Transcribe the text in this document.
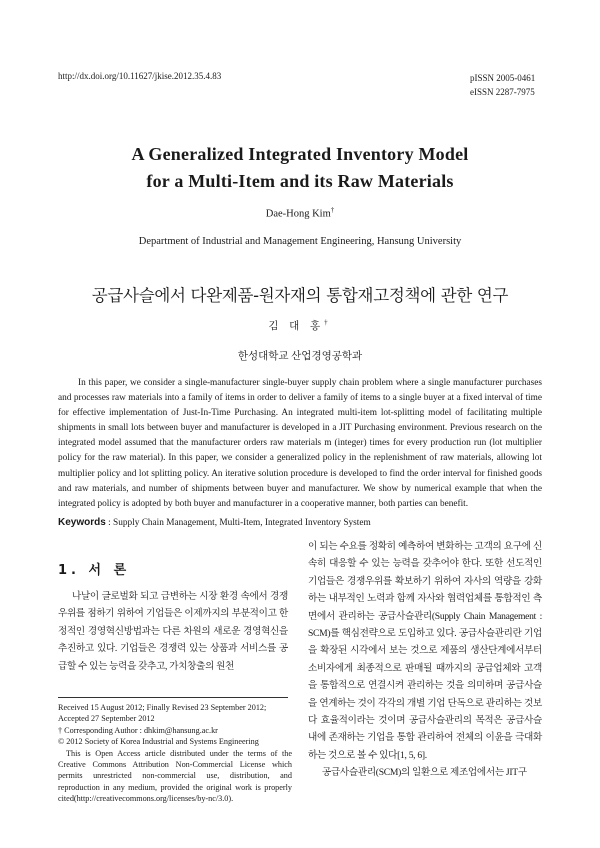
http://dx.doi.org/10.11627/jkise.2012.35.4.83	pISSN 2005-0461
eISSN 2287-7975
A Generalized Integrated Inventory Model
for a Multi-Item and its Raw Materials
Dae-Hong Kim†
Department of Industrial and Management Engineering, Hansung University
공급사슬에서 다완제품-원자재의 통합재고정책에 관한 연구
김 대 홍†
한성대학교 산업경영공학과
In this paper, we consider a single-manufacturer single-buyer supply chain problem where a single manufacturer purchases and processes raw materials into a family of items in order to deliver a family of items to a single buyer at a fixed interval of time for effective implementation of Just-In-Time Purchasing. An integrated multi-item lot-splitting model of facilitating multiple shipments in small lots between buyer and manufacturer is developed in a JIT Purchasing environment. Previous research on the integrated model assumed that the manufacturer orders raw materials m (integer) times for every production run (lot multiplier policy for the raw material). In this paper, we consider a generalized policy in the replenishment of raw materials, allowing lot multiplier policy and lot splitting policy. An iterative solution procedure is developed to find the order interval for finished goods and raw materials, and number of shipments between buyer and manufacturer. We show by numerical example that when the integrated policy is adopted by both buyer and manufacturer in a cooperative manner, both parties can benefit.
Keywords : Supply Chain Management, Multi-Item, Integrated Inventory System
1. 서 론

나날이 글로벌화 되고 급변하는 시장 환경 속에서 경쟁우위를 점하기 위하여 기업들은 이제까지의 부분적이고 한정적인 경영혁신방법과는 다른 차원의 새로운 경영혁신을 추진하고 있다. 기업들은 경쟁력 있는 상품과 서비스를 공급할 수 있는 능력을 갖추고, 가치창출의 원천

Received 15 August 2012; Finally Revised 23 September 2012;
Accepted 27 September 2012
† Corresponding Author : dhkim@hansung.ac.kr
© 2012 Society of Korea Industrial and Systems Engineering
This is Open Access article distributed under the terms of the Creative Commons Attribution Non-Commercial License which permits unrestricted non-commercial use, distribution, and reproduction in any medium, provided the original work is properly cited(http://creativecommons.org/licenses/by-nc/3.0).

이 되는 수요를 정확히 예측하여 변화하는 고객의 요구에 신속히 대응할 수 있는 능력을 갖추어야 한다. 또한 선도적인 기업들은 경쟁우위를 확보하기 위하여 자사의 역량을 강화하는 내부적인 노력과 함께 자사와 협력업체를 통합적인 측면에서 관리하는 공급사슬관리(Supply Chain Management : SCM)를 핵심전략으로 도입하고 있다. 공급사슬관리란 기업을 확장된 시각에서 보는 것으로 제품의 생산단계에서부터 소비자에게 최종적으로 판매될 때까지의 공급업체와 고객을 통합적으로 연결시켜 관리하는 것을 의미하며 공급사슬을 연계하는 것이 각각의 개별 기업 단독으로 관리하는 것보다 효율적이라는 것이며 공급사슬관리의 목적은 공급사슬 내에 존재하는 기업을 통합 관리하여 전체의 이윤을 극대화 하는 것으로 볼 수 있다[1, 5, 6].

공급사슬관리(SCM)의 일환으로 제조업에서는 JIT구
